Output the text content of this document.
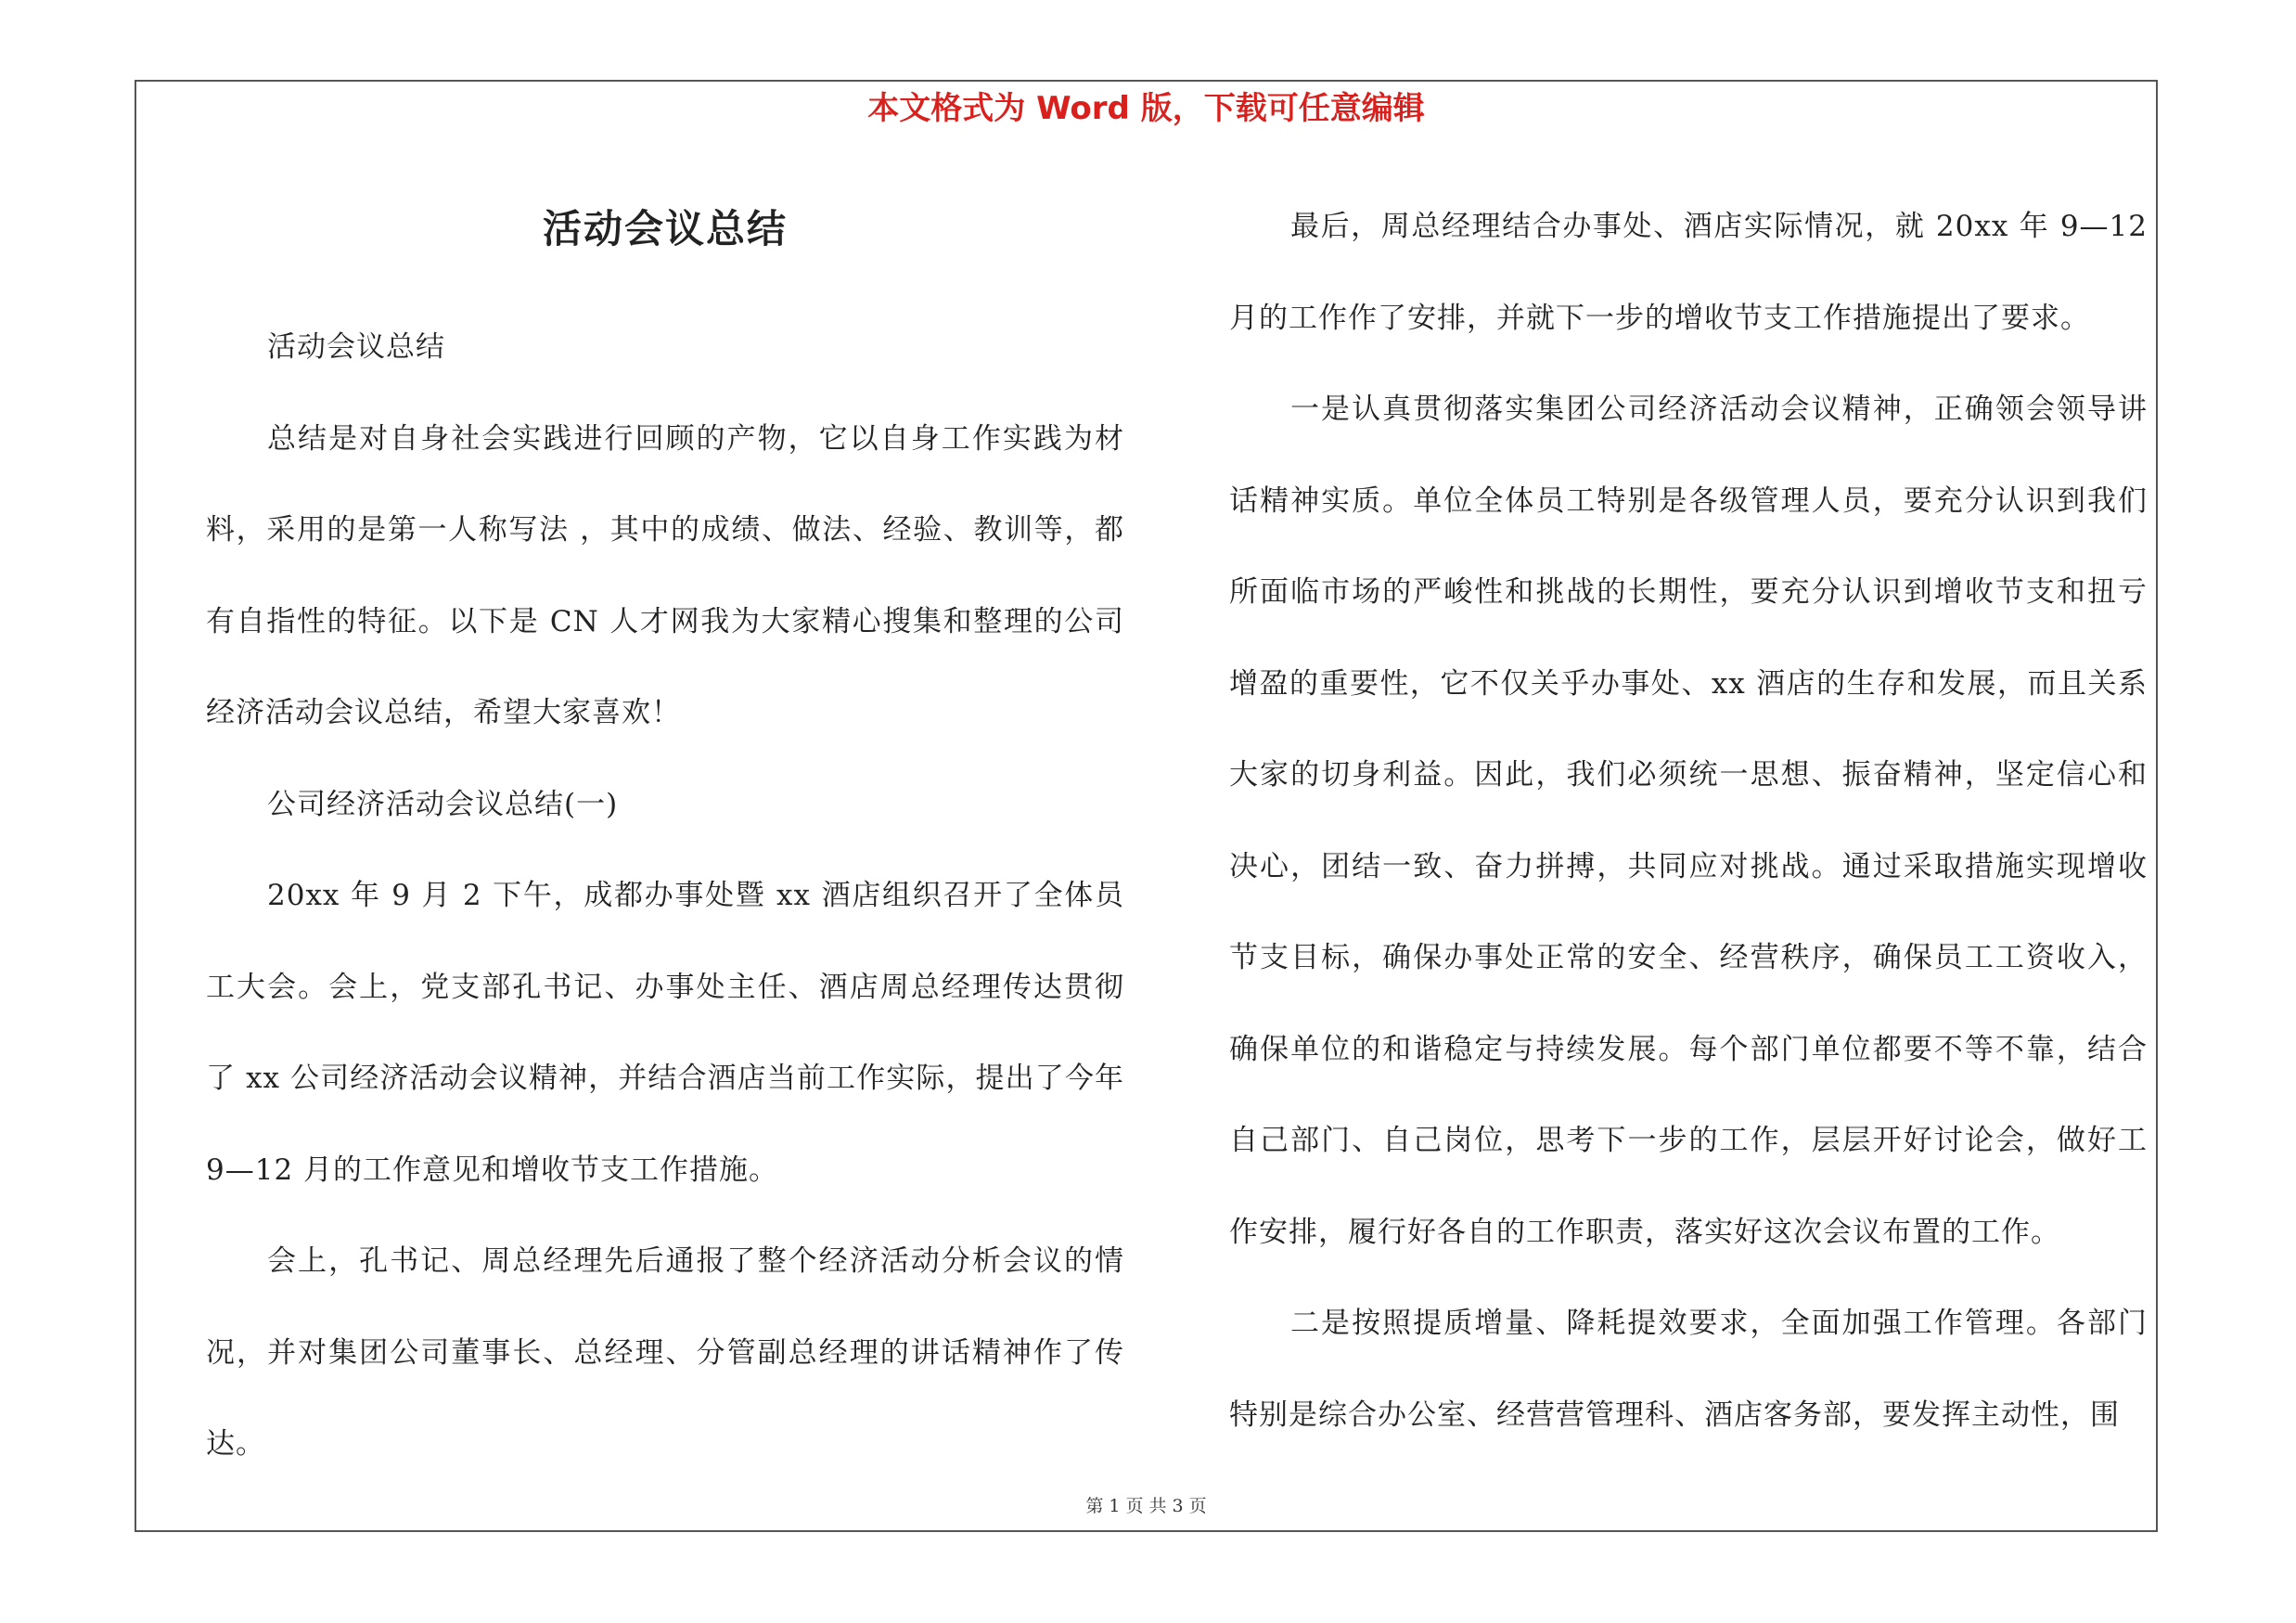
本文格式为 Word 版，下载可任意编辑
活动会议总结

活动会议总结

总结是对自身社会实践进行回顾的产物，它以自身工作实践为材料，采用的是第一人称写法 ，其中的成绩、做法、经验、教训等，都有自指性的特征。以下是 CN 人才网我为大家精心搜集和整理的公司经济活动会议总结，希望大家喜欢！

公司经济活动会议总结(一)

20xx 年 9 月 2 下午，成都办事处暨 xx 酒店组织召开了全体员工大会。会上，党支部孔书记、办事处主任、酒店周总经理传达贯彻了 xx 公司经济活动会议精神，并结合酒店当前工作实际，提出了今年 9—12 月的工作意见和增收节支工作措施。

会上，孔书记、周总经理先后通报了整个经济活动分析会议的情况，并对集团公司董事长、总经理、分管副总经理的讲话精神作了传达。

最后，周总经理结合办事处、酒店实际情况，就 20xx 年 9—12 月的工作作了安排，并就下一步的增收节支工作措施提出了要求。

一是认真贯彻落实集团公司经济活动会议精神，正确领会领导讲话精神实质。单位全体员工特别是各级管理人员，要充分认识到我们所面临市场的严峻性和挑战的长期性，要充分认识到增收节支和扭亏增盈的重要性，它不仅关乎办事处、xx 酒店的生存和发展，而且关系大家的切身利益。因此，我们必须统一思想、振奋精神，坚定信心和决心，团结一致、奋力拼搏，共同应对挑战。通过采取措施实现增收节支目标，确保办事处正常的安全、经营秩序，确保员工工资收入，确保单位的和谐稳定与持续发展。每个部门单位都要不等不靠，结合自己部门、自己岗位，思考下一步的工作，层层开好讨论会，做好工作安排，履行好各自的工作职责，落实好这次会议布置的工作。

二是按照提质增量、降耗提效要求，全面加强工作管理。各部门特别是综合办公室、经营营管理科、酒店客务部，要发挥主动性，围

第 1 页 共 3 页
